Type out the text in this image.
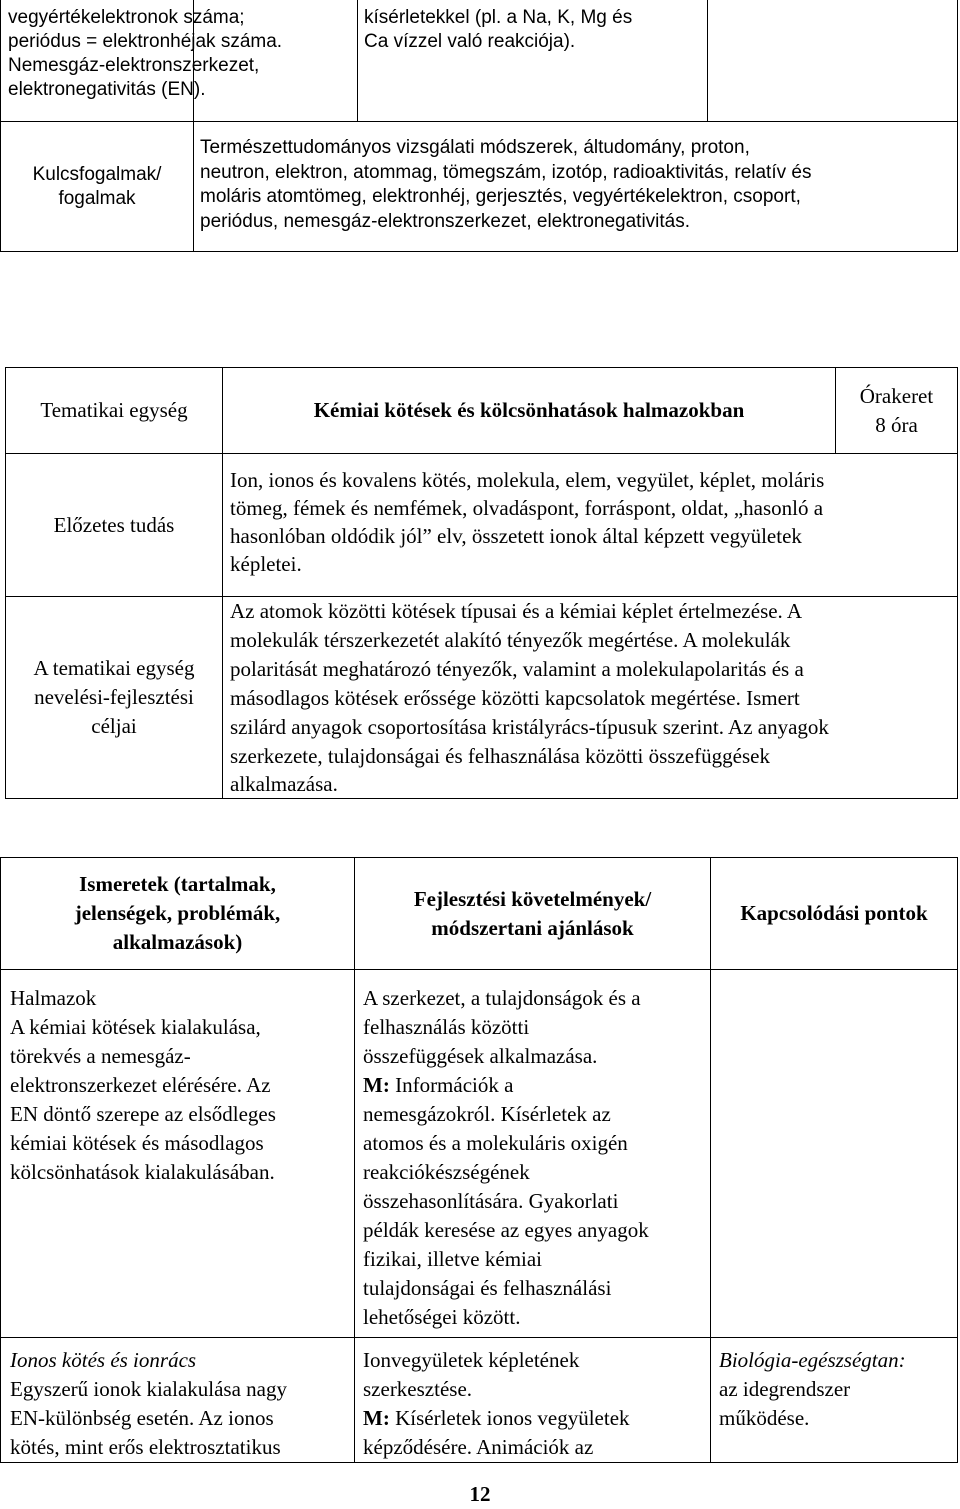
vegyértékelektronok száma;

periódus = elektronhéjak száma.

Nemesgáz-elektronszerkezet,

elektronegativitás (EN).

kísérletekkel (pl. a Na, K, Mg és

Ca vízzel való reakciója).

Kulcsfogalmak/

fogalmak

Természettudományos vizsgálati módszerek, áltudomány, proton,

neutron, elektron, atommag, tömegszám, izotóp, radioaktivitás, relatív és

moláris atomtömeg, elektronhéj, gerjesztés, vegyértékelektron, csoport,

periódus, nemesgáz-elektronszerkezet, elektronegativitás.

Tematikai egység	Kémiai kötések és kölcsönhatások halmazokban

Órakeret

8 óra

Előzetes tudás

Ion, ionos és kovalens kötés, molekula, elem, vegyület, képlet, moláris

tömeg, fémek és nemfémek, olvadáspont, forráspont, oldat, „hasonló a

hasonlóban oldódik jól” elv, összetett ionok által képzett vegyületek

képletei.

A tematikai egység

nevelési-fejlesztési

céljai

Az atomok közötti kötések típusai és a kémiai képlet értelmezése. A

molekulák térszerkezetét alakító tényezők megértése. A molekulák

polaritását meghatározó tényezők, valamint a molekulapolaritás és a

másodlagos kötések erőssége közötti kapcsolatok megértése. Ismert

szilárd anyagok csoportosítása kristályrács-típusuk szerint. Az anyagok

szerkezete, tulajdonságai és felhasználása közötti összefüggések

alkalmazása.

Ismeretek (tartalmak,

jelenségek, problémák,

alkalmazások)

Fejlesztési követelmények/

módszertani ajánlások

Kapcsolódási pontok

Halmazok

A kémiai kötések kialakulása,

törekvés a nemesgáz-

elektronszerkezet elérésére. Az

EN döntő szerepe az elsődleges

kémiai kötések és másodlagos

kölcsönhatások kialakulásában.

A szerkezet, a tulajdonságok és a

felhasználás közötti

összefüggések alkalmazása.

M: Információk a

nemesgázokról. Kísérletek az

atomos és a molekuláris oxigén

reakciókészségének

összehasonlítására. Gyakorlati

példák keresése az egyes anyagok

fizikai, illetve kémiai

tulajdonságai és felhasználási

lehetőségei között.

Ionos kötés és ionrács

Egyszerű ionok kialakulása nagy

EN-különbség esetén. Az ionos

kötés, mint erős elektrosztatikus

Ionvegyületek képletének

szerkesztése.

M: Kísérletek ionos vegyületek

képződésére. Animációk az

Biológia-egészségtan:

az idegrendszer

működése.

12
